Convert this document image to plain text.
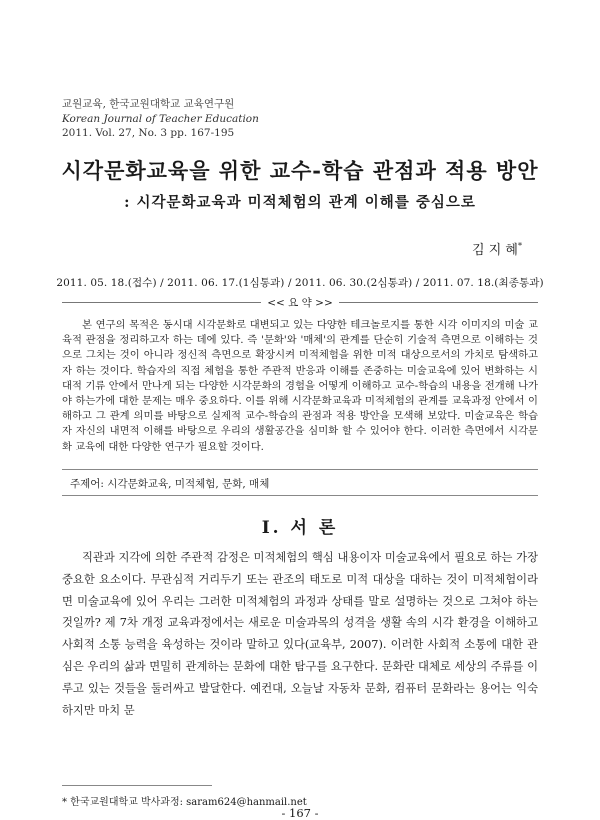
교원교육, 한국교원대학교 교육연구원
Korean Journal of Teacher Education
2011. Vol. 27, No. 3 pp. 167-195
시각문화교육을 위한 교수-학습 관점과 적용 방안
: 시각문화교육과 미적체험의 관계 이해를 중심으로
김 지 혜*
2011. 05. 18.(접수) / 2011. 06. 17.(1심통과) / 2011. 06. 30.(2심통과) / 2011. 07. 18.(최종통과)
<< 요 약 >>

본 연구의 목적은 동시대 시각문화로 대변되고 있는 다양한 테크놀로지를 통한 시각 이미지의 미술 교육적 관점을 정리하고자 하는 데에 있다. 즉 '문화'와 '매체'의 관계를 단순히 기술적 측면으로 이해하는 것으로 그치는 것이 아니라 정신적 측면으로 확장시켜 미적체험을 위한 미적 대상으로서의 가치로 탐색하고자 하는 것이다. 학습자의 직접 체험을 통한 주관적 반응과 이해를 존중하는 미술교육에 있어 변화하는 시대적 기류 안에서 만나게 되는 다양한 시각문화의 경험을 어떻게 이해하고 교수-학습의 내용을 전개해 나가야 하는가에 대한 문제는 매우 중요하다. 이를 위해 시각문화교육과 미적체험의 관계를 교육과정 안에서 이해하고 그 관계 의미를 바탕으로 실제적 교수-학습의 관점과 적용 방안을 모색해 보았다. 미술교육은 학습자 자신의 내면적 이해를 바탕으로 우리의 생활공간을 심미화 할 수 있어야 한다. 이러한 측면에서 시각문화 교육에 대한 다양한 연구가 필요할 것이다.

주제어: 시각문화교육, 미적체험, 문화, 매체
Ⅰ. 서 론

직관과 지각에 의한 주관적 감정은 미적체험의 핵심 내용이자 미술교육에서 필요로 하는 가장 중요한 요소이다. 무관심적 거리두기 또는 관조의 태도로 미적 대상을 대하는 것이 미적체험이라면 미술교육에 있어 우리는 그러한 미적체험의 과정과 상태를 말로 설명하는 것으로 그쳐야 하는 것일까? 제 7차 개정 교육과정에서는 새로운 미술과목의 성격을 생활 속의 시각 환경을 이해하고 사회적 소통 능력을 육성하는 것이라 말하고 있다(교육부, 2007). 이러한 사회적 소통에 대한 관심은 우리의 삶과 면밀히 관계하는 문화에 대한 탐구를 요구한다. 문화란 대체로 세상의 주류를 이루고 있는 것들을 둘러싸고 발달한다. 예컨대, 오늘날 자동차 문화, 컴퓨터 문화라는 용어는 익숙하지만 마치 문

* 한국교원대학교 박사과정: saram624@hanmail.net
- 167 -
